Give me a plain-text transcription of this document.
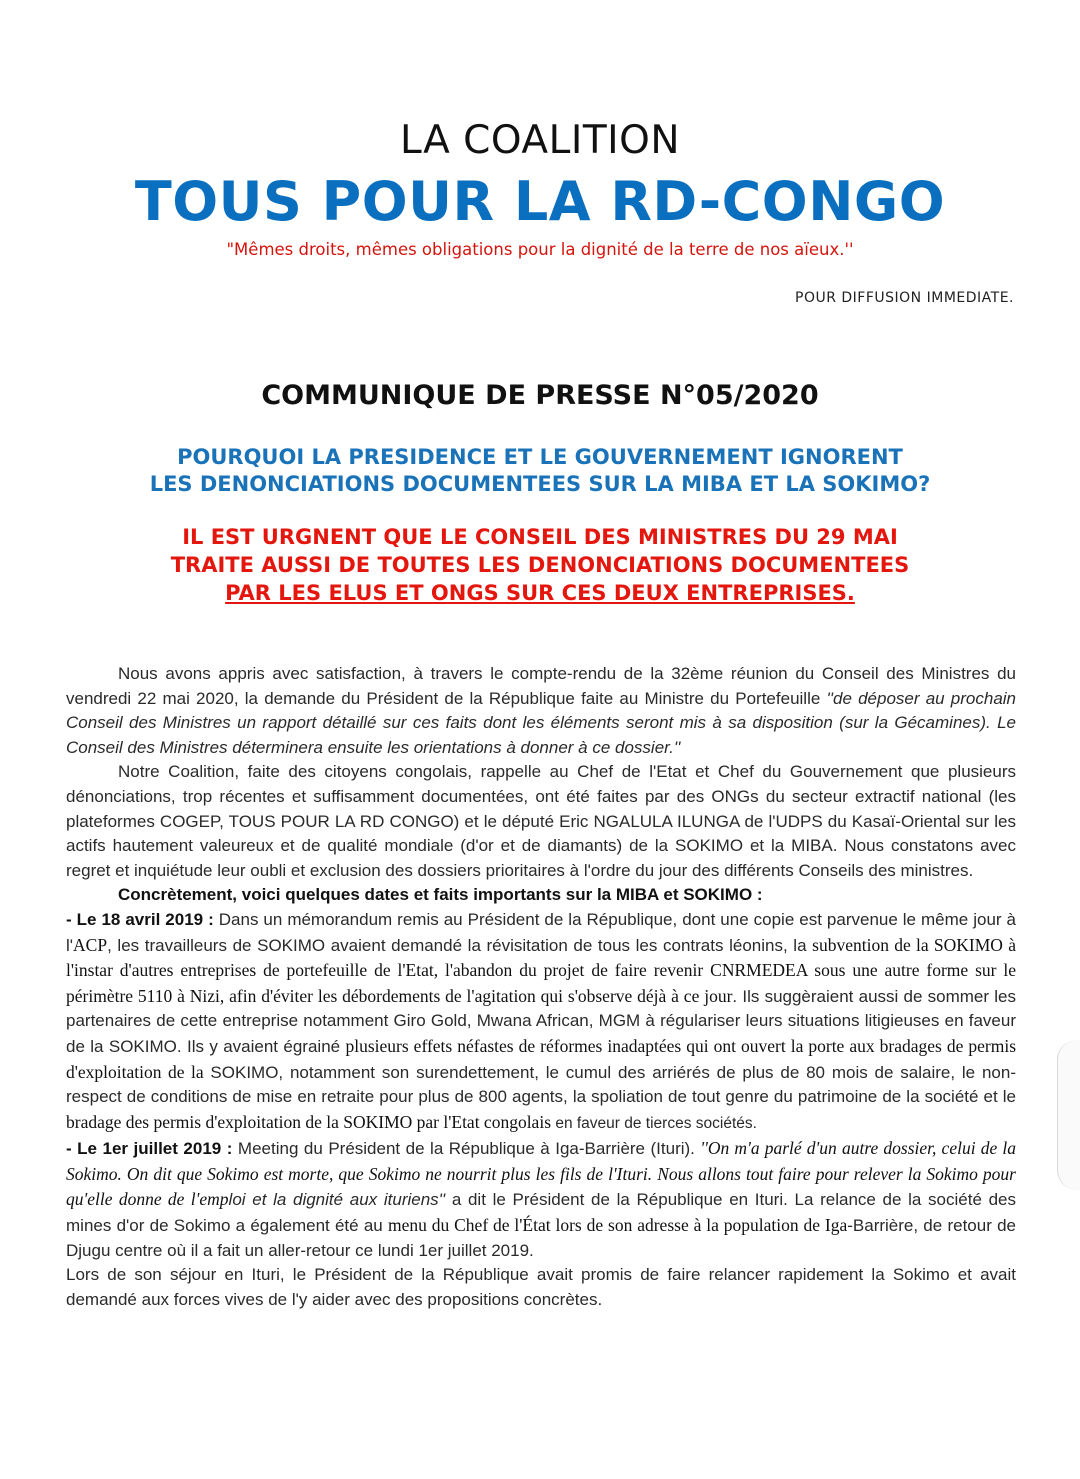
LA COALITION
TOUS POUR LA RD-CONGO
"Mêmes droits, mêmes obligations pour la dignité de la terre de nos aïeux.''
POUR DIFFUSION IMMEDIATE.
COMMUNIQUE DE PRESSE N°05/2020
POURQUOI LA PRESIDENCE ET LE GOUVERNEMENT IGNORENT
LES DENONCIATIONS DOCUMENTEES SUR LA MIBA ET LA SOKIMO?
IL EST URGNENT QUE LE CONSEIL DES MINISTRES DU 29 MAI
TRAITE AUSSI DE TOUTES LES DENONCIATIONS DOCUMENTEES
PAR LES ELUS ET ONGS SUR CES DEUX ENTREPRISES.

Nous avons appris avec satisfaction, à travers le compte-rendu de la 32ème réunion du Conseil des Ministres du vendredi 22 mai 2020, la demande du Président de la République faite au Ministre du Portefeuille ''de déposer au prochain Conseil des Ministres un rapport détaillé sur ces faits dont les éléments seront mis à sa disposition (sur la Gécamines). Le Conseil des Ministres déterminera ensuite les orientations à donner à ce dossier.''

Notre Coalition, faite des citoyens congolais, rappelle au Chef de l'Etat et Chef du Gouvernement que plusieurs dénonciations, trop récentes et suffisamment documentées, ont été faites par des ONGs du secteur extractif national (les plateformes COGEP, TOUS POUR LA RD CONGO) et le député Eric NGALULA ILUNGA de l'UDPS du Kasaï-Oriental sur les actifs hautement valeureux et de qualité mondiale (d'or et de diamants) de la SOKIMO et la MIBA. Nous constatons avec regret et inquiétude leur oubli et exclusion des dossiers prioritaires à l'ordre du jour des différents Conseils des ministres.

Concrètement, voici quelques dates et faits importants sur la MIBA et SOKIMO :

- Le 18 avril 2019 : Dans un mémorandum remis au Président de la République, dont une copie est parvenue le même jour à l'ACP, les travailleurs de SOKIMO avaient demandé la révisitation de tous les contrats léonins, la subvention de la SOKIMO à l'instar d'autres entreprises de portefeuille de l'Etat, l'abandon du projet de faire revenir CNRMEDEA sous une autre forme sur le périmètre 5110 à Nizi, afin d'éviter les débordements de l'agitation qui s'observe déjà à ce jour. Ils suggèraient aussi de sommer les partenaires de cette entreprise notamment Giro Gold, Mwana African, MGM à régulariser leurs situations litigieuses en faveur de la SOKIMO. Ils y avaient égrainé plusieurs effets néfastes de réformes inadaptées qui ont ouvert la porte aux bradages de permis d'exploitation de la SOKIMO, notamment son surendettement, le cumul des arriérés de plus de 80 mois de salaire, le non-respect de conditions de mise en retraite pour plus de 800 agents, la spoliation de tout genre du patrimoine de la société et le bradage des permis d'exploitation de la SOKIMO par l'Etat congolais en faveur de tierces sociétés.

- Le 1er juillet 2019 : Meeting du Président de la République à Iga-Barrière (Ituri). ''On m'a parlé d'un autre dossier, celui de la Sokimo. On dit que Sokimo est morte, que Sokimo ne nourrit plus les fils de l'Ituri. Nous allons tout faire pour relever la Sokimo pour qu'elle donne de l'emploi et la dignité aux ituriens'' a dit le Président de la République en Ituri. La relance de la société des mines d'or de Sokimo a également été au menu du Chef de l'État lors de son adresse à la population de Iga-Barrière, de retour de Djugu centre où il a fait un aller-retour ce lundi 1er juillet 2019.

Lors de son séjour en Ituri, le Président de la République avait promis de faire relancer rapidement la Sokimo et avait demandé aux forces vives de l'y aider avec des propositions concrètes.
